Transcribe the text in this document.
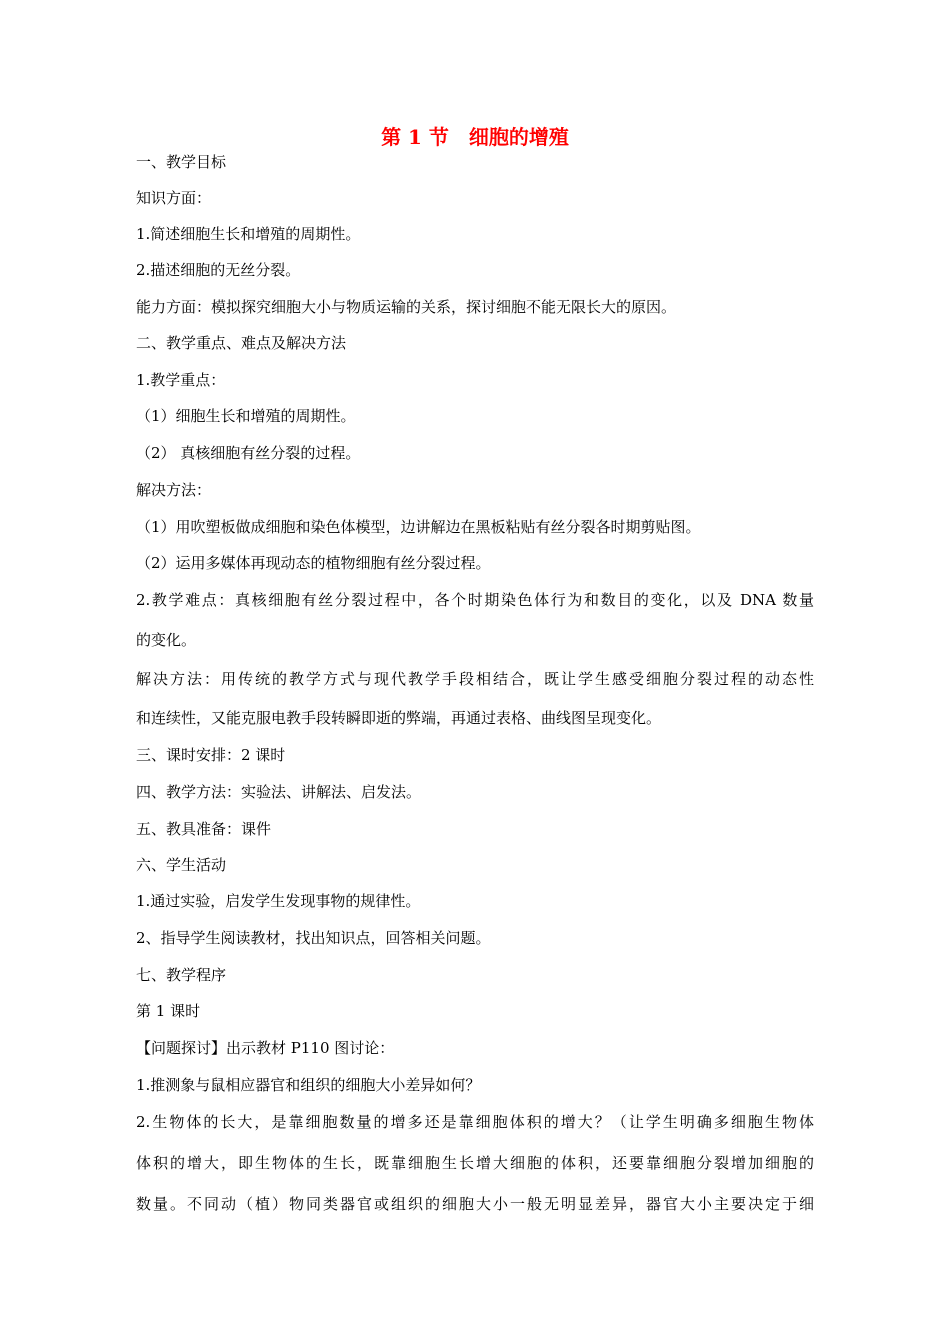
第 1 节　细胞的增殖
一、教学目标
知识方面：
1.简述细胞生长和增殖的周期性。
2.描述细胞的无丝分裂。
能力方面：模拟探究细胞大小与物质运输的关系，探讨细胞不能无限长大的原因。
二、教学重点、难点及解决方法
1.教学重点：
（1）细胞生长和增殖的周期性。
（2） 真核细胞有丝分裂的过程。
解决方法：
（1）用吹塑板做成细胞和染色体模型，边讲解边在黑板粘贴有丝分裂各时期剪贴图。
（2）运用多媒体再现动态的植物细胞有丝分裂过程。
2.教学难点：真核细胞有丝分裂过程中，各个时期染色体行为和数目的变化，以及 DNA 数量
的变化。
解决方法：用传统的教学方式与现代教学手段相结合，既让学生感受细胞分裂过程的动态性
和连续性，又能克服电教手段转瞬即逝的弊端，再通过表格、曲线图呈现变化。
三、课时安排：2 课时
四、教学方法：实验法、讲解法、启发法。
五、教具准备：课件
六、学生活动
1.通过实验，启发学生发现事物的规律性。
2、指导学生阅读教材，找出知识点，回答相关问题。
七、教学程序
第 1 课时
【问题探讨】出示教材 P110 图讨论：
1.推测象与鼠相应器官和组织的细胞大小差异如何？
2.生物体的长大，是靠细胞数量的增多还是靠细胞体积的增大？（让学生明确多细胞生物体
体积的增大，即生物体的生长，既靠细胞生长增大细胞的体积，还要靠细胞分裂增加细胞的
数量。不同动（植）物同类器官或组织的细胞大小一般无明显差异，器官大小主要决定于细
